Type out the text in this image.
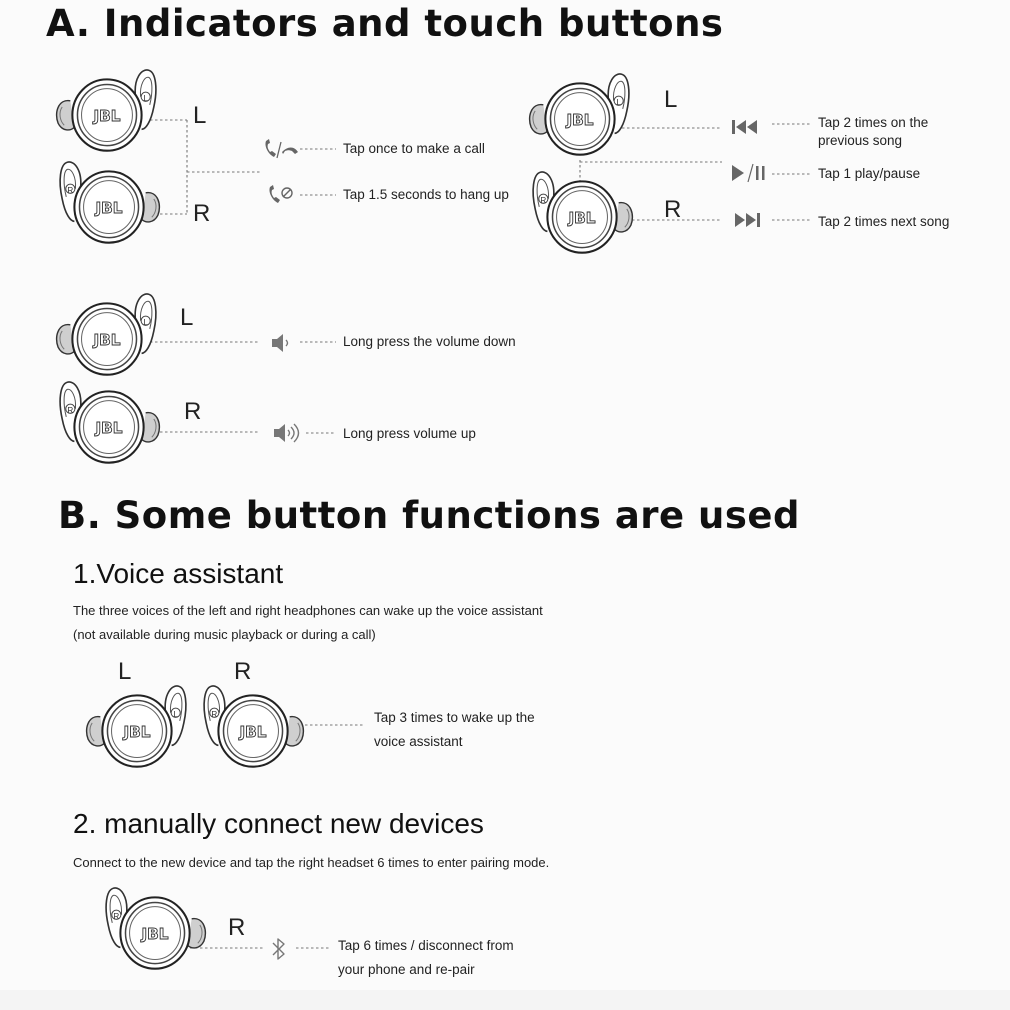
A. Indicators and touch buttons
L
R
Tap once to make a call
Tap 1.5 seconds to hang up
L
R
Tap 2 times on the
previous song
Tap 1 play/pause
Tap 2 times next song
L
R
Long press the volume down
Long press volume up
B. Some button functions are used
1.Voice assistant
The three voices of the left and right headphones can wake up the voice assistant
(not available during music playback or during a call)
L	R
Tap 3 times to wake up the
voice assistant
2. manually connect new devices
Connect to the new device and tap the right headset 6 times to enter pairing mode.
R
Tap 6 times / disconnect from
your phone and re-pair
